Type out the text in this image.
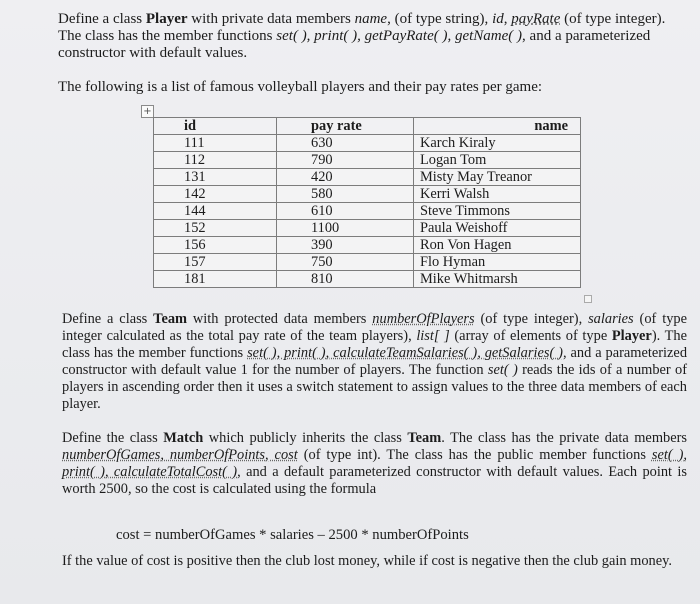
Define a class Player with private data members name, (of type string), id, payRate (of type integer). The class has the member functions set( ), print( ), getPayRate( ), getName( ), and a parameterized constructor with default values.

The following is a list of famous volleyball players and their pay rates per game:

+
id	pay rate	name
111	630	Karch Kiraly
112	790	Logan Tom
131	420	Misty May Treanor
142	580	Kerri Walsh
144	610	Steve Timmons
152	1100	Paula Weishoff
156	390	Ron Von Hagen
157	750	Flo Hyman
181	810	Mike Whitmarsh

Define a class Team with protected data members numberOfPlayers (of type integer), salaries (of type integer calculated as the total pay rate of the team players), list[ ] (array of elements of type Player). The class has the member functions set( ), print( ), calculateTeamSalaries( ), getSalaries( ), and a parameterized constructor with default value 1 for the number of players. The function set( ) reads the ids of a number of players in ascending order then it uses a switch statement to assign values to the three data members of each player.

Define the class Match which publicly inherits the class Team. The class has the private data members numberOfGames, numberOfPoints, cost (of type int). The class has the public member functions set( ), print( ), calculateTotalCost( ), and a default parameterized constructor with default values. Each point is worth 2500, so the cost is calculated using the formula

cost = numberOfGames * salaries – 2500 * numberOfPoints

If the value of cost is positive then the club lost money, while if cost is negative then the club gain money.
